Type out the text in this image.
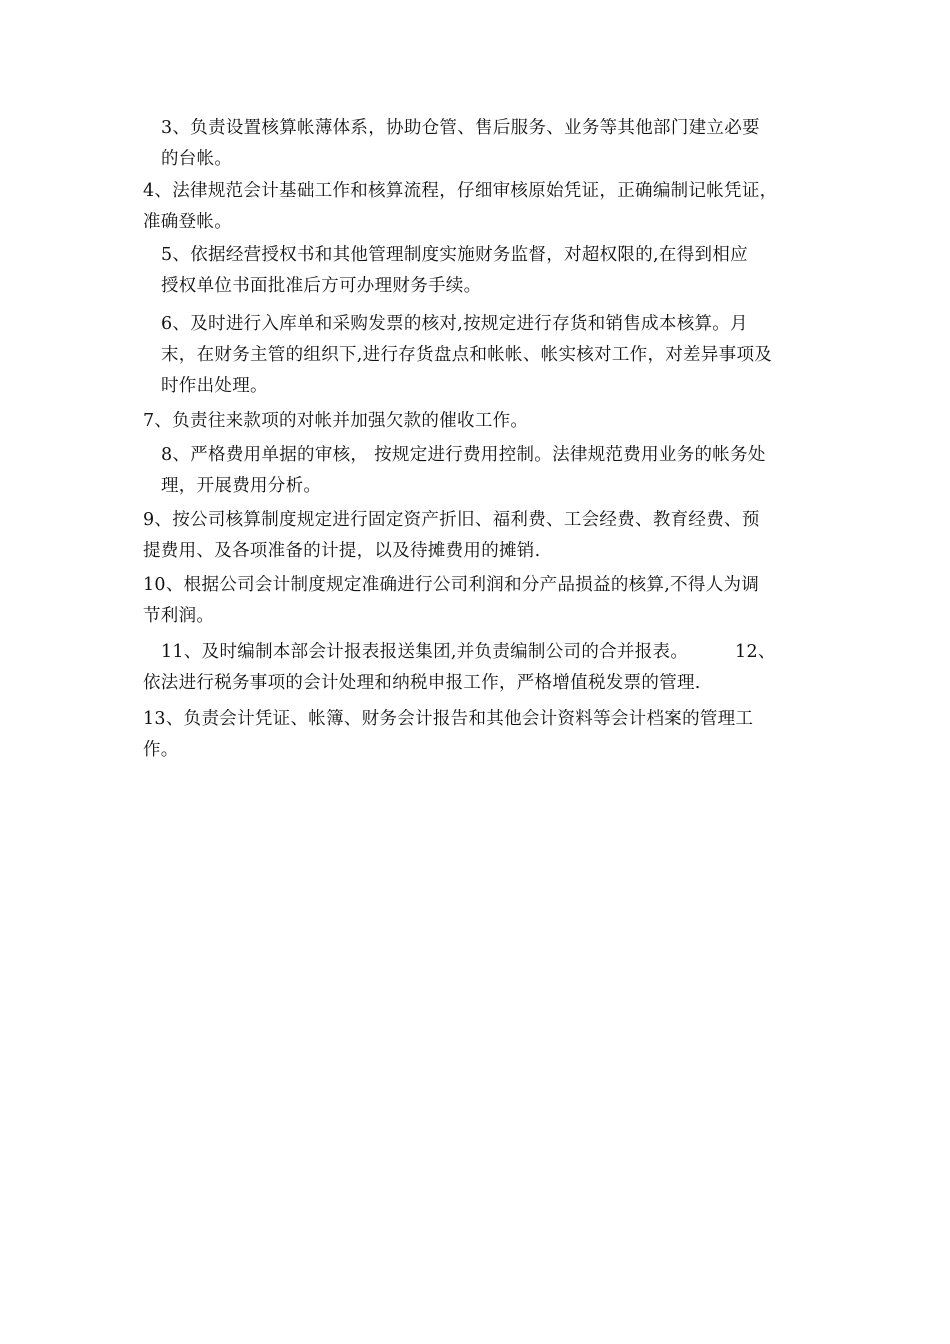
3、负责设置核算帐薄体系，协助仓管、售后服务、业务等其他部门建立必要
的台帐。

4、法律规范会计基础工作和核算流程，仔细审核原始凭证，正确编制记帐凭证，
准确登帐。

5、依据经营授权书和其他管理制度实施财务监督，对超权限的,在得到相应
授权单位书面批准后方可办理财务手续。

6、及时进行入库单和采购发票的核对,按规定进行存货和销售成本核算。月
末，在财务主管的组织下,进行存货盘点和帐帐、帐实核对工作，对差异事项及
时作出处理。

7、负责往来款项的对帐并加强欠款的催收工作。

8、严格费用单据的审核， 按规定进行费用控制。法律规范费用业务的帐务处
理，开展费用分析。

9、按公司核算制度规定进行固定资产折旧、福利费、工会经费、教育经费、预
提费用、及各项准备的计提，以及待摊费用的摊销.

10、根据公司会计制度规定准确进行公司利润和分产品损益的核算,不得人为调
节利润。

11、及时编制本部会计报表报送集团,并负责编制公司的合并报表。        12、
依法进行税务事项的会计处理和纳税申报工作，严格增值税发票的管理.

13、负责会计凭证、帐簿、财务会计报告和其他会计资料等会计档案的管理工
作。
